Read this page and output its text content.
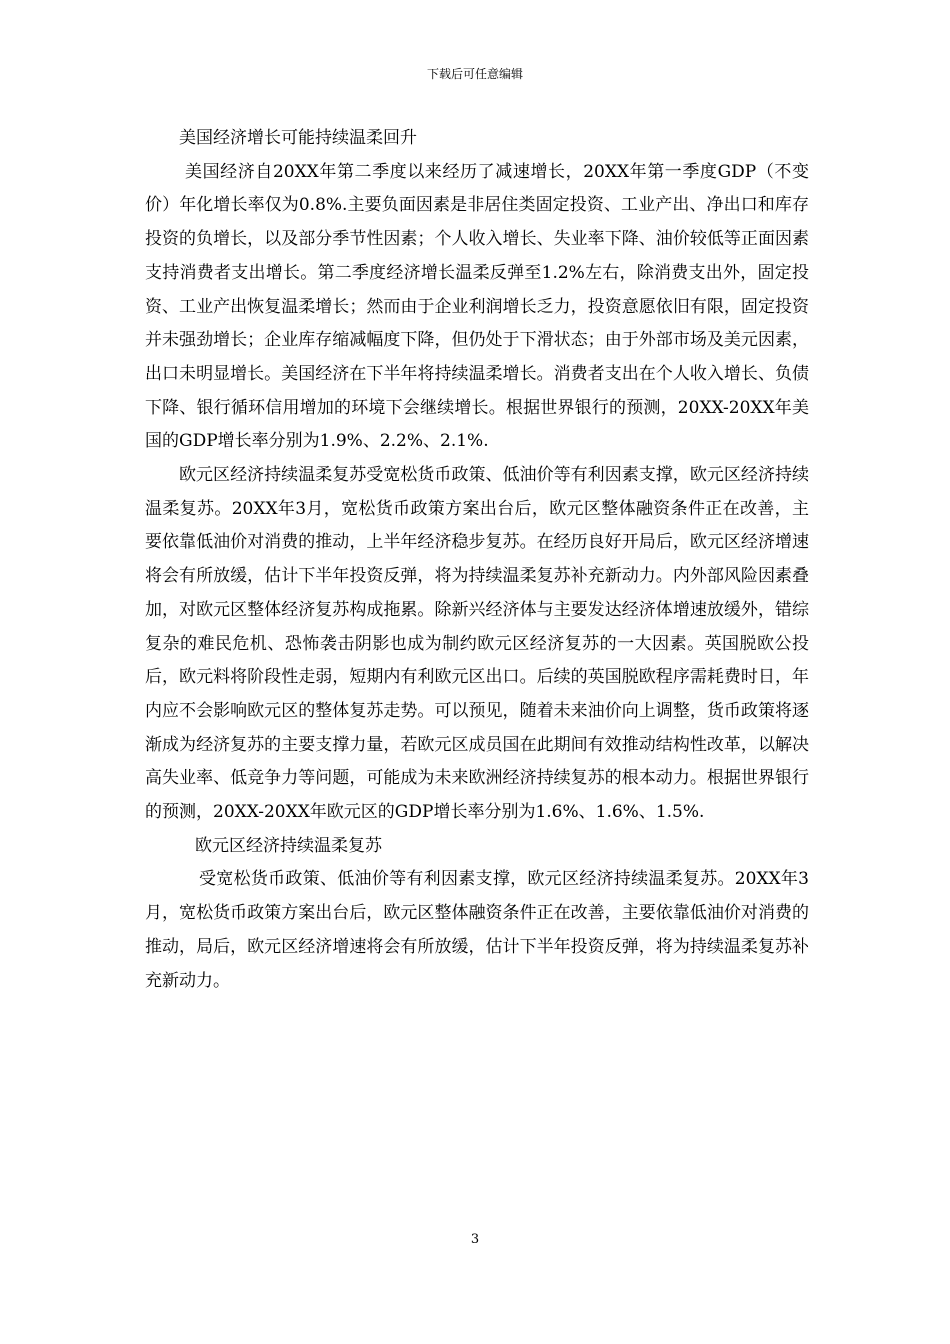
下载后可任意编辑

美国经济增长可能持续温柔回升

美国经济自20XX年第二季度以来经历了减速增长，20XX年第一季度GDP（不变价）年化增长率仅为0.8%.主要负面因素是非居住类固定投资、工业产出、净出口和库存投资的负增长，以及部分季节性因素；个人收入增长、失业率下降、油价较低等正面因素支持消费者支出增长。第二季度经济增长温柔反弹至1.2%左右，除消费支出外，固定投资、工业产出恢复温柔增长；然而由于企业利润增长乏力，投资意愿依旧有限，固定投资并未强劲增长；企业库存缩减幅度下降，但仍处于下滑状态；由于外部市场及美元因素，出口未明显增长。美国经济在下半年将持续温柔增长。消费者支出在个人收入增长、负债下降、银行循环信用增加的环境下会继续增长。根据世界银行的预测，20XX-20XX年美国的GDP增长率分别为1.9%、2.2%、2.1%.

欧元区经济持续温柔复苏受宽松货币政策、低油价等有利因素支撑，欧元区经济持续温柔复苏。20XX年3月，宽松货币政策方案出台后，欧元区整体融资条件正在改善，主要依靠低油价对消费的推动，上半年经济稳步复苏。在经历良好开局后，欧元区经济增速将会有所放缓，估计下半年投资反弹，将为持续温柔复苏补充新动力。内外部风险因素叠加，对欧元区整体经济复苏构成拖累。除新兴经济体与主要发达经济体增速放缓外，错综复杂的难民危机、恐怖袭击阴影也成为制约欧元区经济复苏的一大因素。英国脱欧公投后，欧元料将阶段性走弱，短期内有利欧元区出口。后续的英国脱欧程序需耗费时日，年内应不会影响欧元区的整体复苏走势。可以预见，随着未来油价向上调整，货币政策将逐渐成为经济复苏的主要支撑力量，若欧元区成员国在此期间有效推动结构性改革，以解决高失业率、低竞争力等问题，可能成为未来欧洲经济持续复苏的根本动力。根据世界银行的预测，20XX-20XX年欧元区的GDP增长率分别为1.6%、1.6%、1.5%.

欧元区经济持续温柔复苏

受宽松货币政策、低油价等有利因素支撑，欧元区经济持续温柔复苏。20XX年3月，宽松货币政策方案出台后，欧元区整体融资条件正在改善，主要依靠低油价对消费的推动，局后，欧元区经济增速将会有所放缓，估计下半年投资反弹，将为持续温柔复苏补充新动力。

3
